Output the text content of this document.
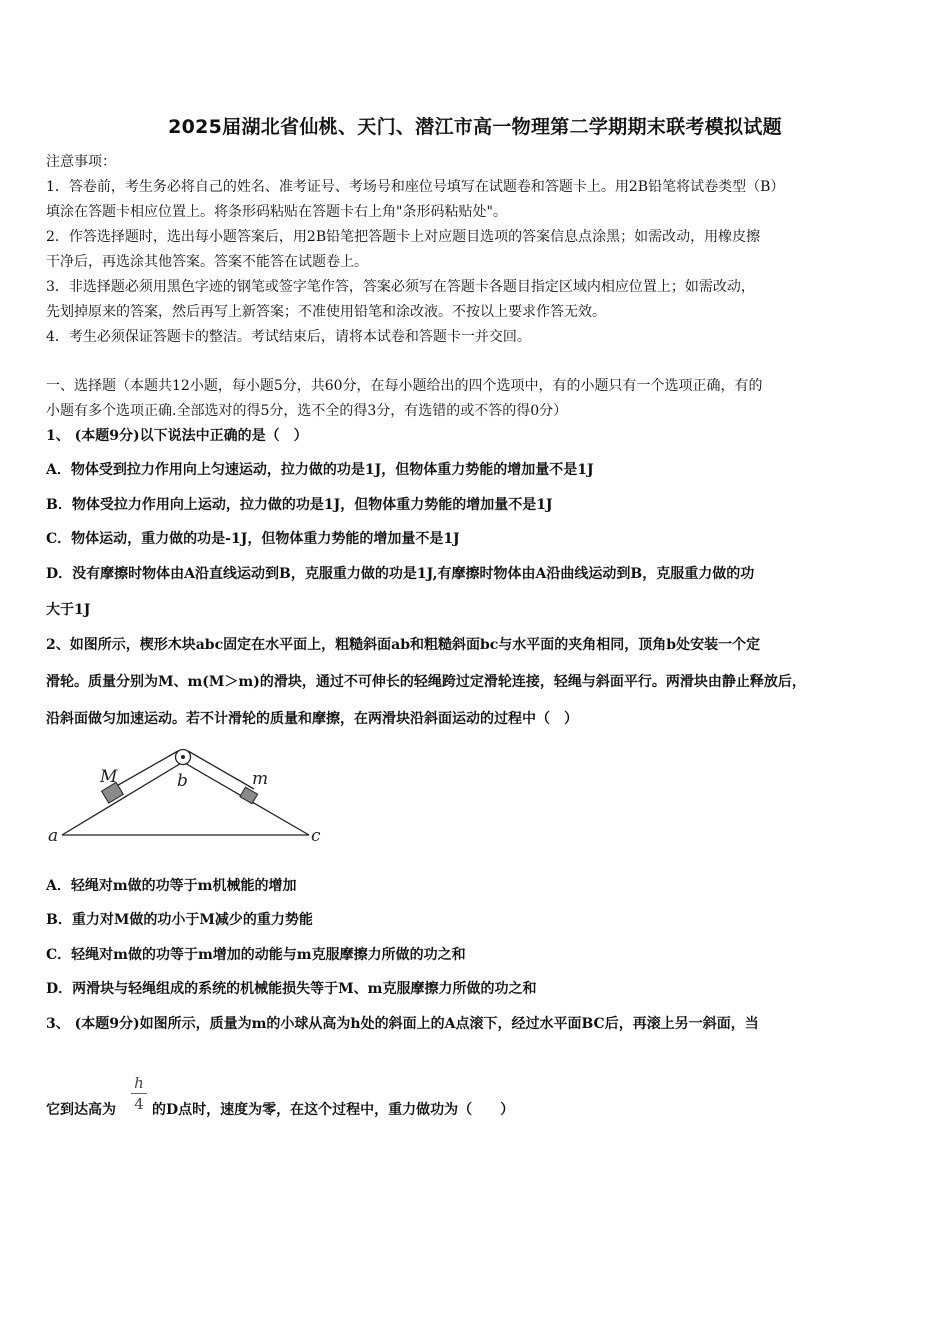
2025届湖北省仙桃、天门、潜江市高一物理第二学期期末联考模拟试题
注意事项：
1．答卷前，考生务必将自己的姓名、准考证号、考场号和座位号填写在试题卷和答题卡上。用2B铅笔将试卷类型（B）
填涂在答题卡相应位置上。将条形码粘贴在答题卡右上角"条形码粘贴处"。
2．作答选择题时，选出每小题答案后，用2B铅笔把答题卡上对应题目选项的答案信息点涂黑；如需改动，用橡皮擦
干净后，再选涂其他答案。答案不能答在试题卷上。
3．非选择题必须用黑色字迹的钢笔或签字笔作答，答案必须写在答题卡各题目指定区域内相应位置上；如需改动，
先划掉原来的答案，然后再写上新答案；不准使用铅笔和涂改液。不按以上要求作答无效。
4．考生必须保证答题卡的整洁。考试结束后，请将本试卷和答题卡一并交回。
一、选择题（本题共12小题，每小题5分，共60分，在每小题给出的四个选项中，有的小题只有一个选项正确，有的
小题有多个选项正确.全部选对的得5分，选不全的得3分，有选错的或不答的得0分）
1、 (本题9分)以下说法中正确的是（　）
A．物体受到拉力作用向上匀速运动，拉力做的功是1J，但物体重力势能的增加量不是1J
B．物体受拉力作用向上运动，拉力做的功是1J，但物体重力势能的增加量不是1J
C．物体运动，重力做的功是-1J，但物体重力势能的增加量不是1J
D．没有摩擦时物体由A沿直线运动到B，克服重力做的功是1J,有摩擦时物体由A沿曲线运动到B，克服重力做的功
大于1J
2、如图所示，楔形木块abc固定在水平面上，粗糙斜面ab和粗糙斜面bc与水平面的夹角相同，顶角b处安装一个定
滑轮。质量分别为M、m(M＞m)的滑块，通过不可伸长的轻绳跨过定滑轮连接，轻绳与斜面平行。两滑块由静止释放后，
沿斜面做匀加速运动。若不计滑轮的质量和摩擦，在两滑块沿斜面运动的过程中（　）
M	m
a
b
c
A．轻绳对m做的功等于m机械能的增加
B．重力对M做的功小于M减少的重力势能
C．轻绳对m做的功等于m增加的动能与m克服摩擦力所做的功之和
D．两滑块与轻绳组成的系统的机械能损失等于M、m克服摩擦力所做的功之和
3、 (本题9分)如图所示，质量为m的小球从高为h处的斜面上的A点滚下，经过水平面BC后，再滚上另一斜面，当
它到达高为
h
4 的D点时，速度为零，在这个过程中，重力做功为（　　）
